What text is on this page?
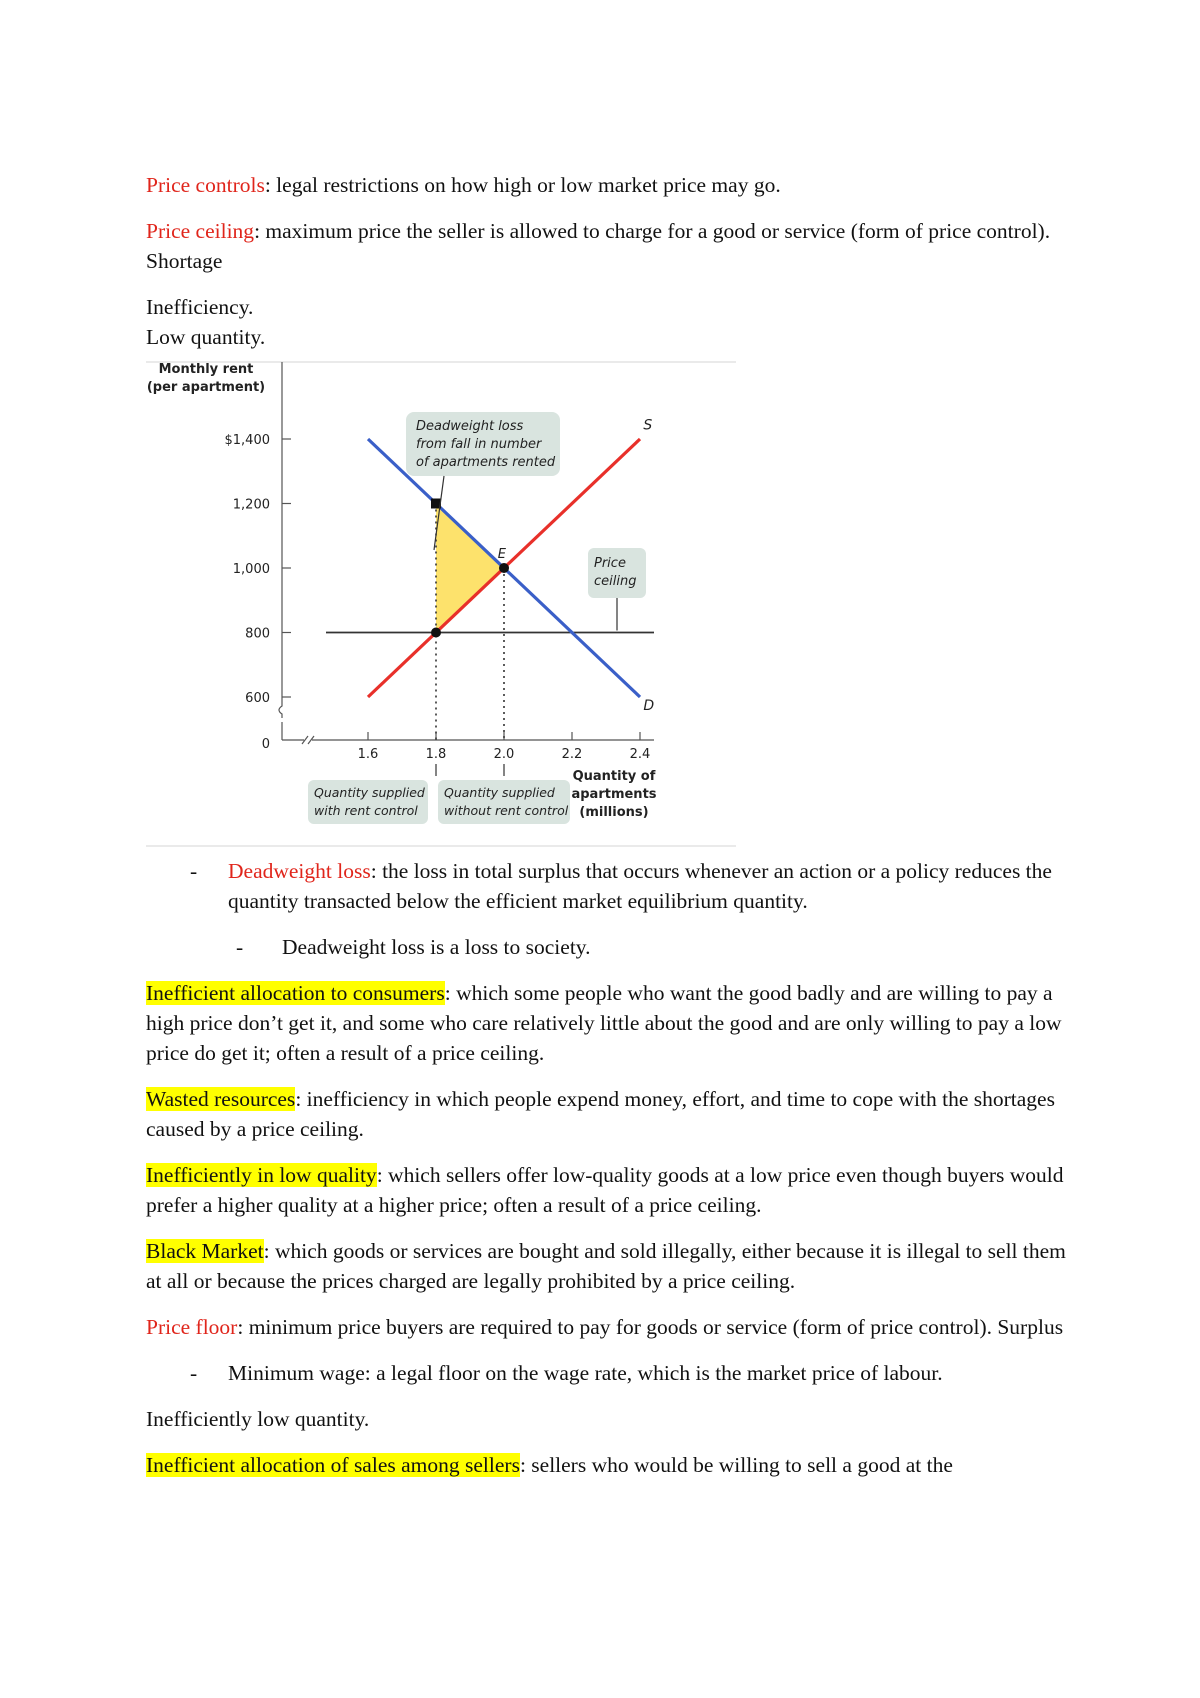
Price controls: legal restrictions on how high or low market price may go.

Price ceiling: maximum price the seller is allowed to charge for a good or service (form of price control). Shortage

Inefficiency.

Low quantity.

Monthly rent
(per apartment)
600
800
1,000
1,200
$1,400
0
1.6	1.8	2.0	2.2	2.4
Quantity of
apartments
(millions)
S
D
E
Deadweight loss
from fall in number
of apartments rented
Price
ceiling
Quantity supplied
with rent control
Quantity supplied
without rent control
- Deadweight loss: the loss in total surplus that occurs whenever an action or a policy reduces the quantity transacted below the efficient market equilibrium quantity.
- Deadweight loss is a loss to society.

Inefficient allocation to consumers: which some people who want the good badly and are willing to pay a high price don’t get it, and some who care relatively little about the good and are only willing to pay a low price do get it; often a result of a price ceiling.

Wasted resources: inefficiency in which people expend money, effort, and time to cope with the shortages caused by a price ceiling.

Inefficiently in low quality: which sellers offer low-quality goods at a low price even though buyers would prefer a higher quality at a higher price; often a result of a price ceiling.

Black Market: which goods or services are bought and sold illegally, either because it is illegal to sell them at all or because the prices charged are legally prohibited by a price ceiling.

Price floor: minimum price buyers are required to pay for goods or service (form of price control). Surplus

- Minimum wage: a legal floor on the wage rate, which is the market price of labour.

Inefficiently low quantity.

Inefficient allocation of sales among sellers: sellers who would be willing to sell a good at the
